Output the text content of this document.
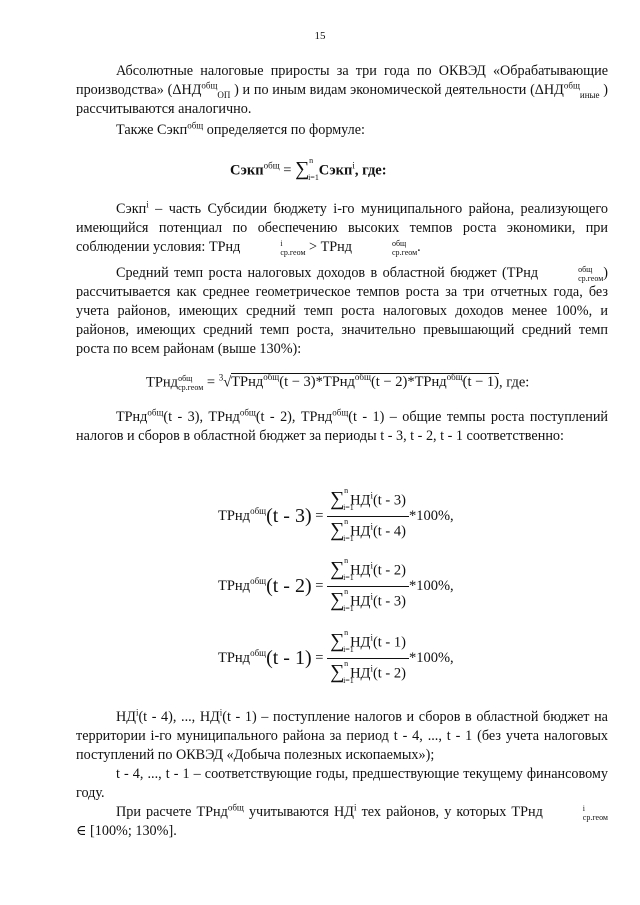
15

Абсолютные налоговые приросты за три года по ОКВЭД «Обрабатывающие производства» ($\Delta НД^{общ}_{ОП}$ ) и по иным видам экономической деятельности ($\Delta НД^{общ}_{иные}$ ) рассчитываются аналогично.

Также Сэкп$^{общ}$ определяется по формуле:

Сэкп$^{общ}$ = ∑ n
i=1 Сэкп$^i$, где:

Сэкп$^i$ – часть Субсидии бюджету i-го муниципального района, реализующего имеющийся потенциал по обеспечению высоких темпов роста экономики, при соблюдении условия: ТРнд	i
ср.геом > ТРнд	общ
ср.геом .

Средний темп роста налоговых доходов в областной бюджет (ТРнд	общ
ср.геом ) рассчитывается как среднее геометрическое темпов роста за три отчетных года, без учета районов, имеющих средний темп роста налоговых доходов менее 100%, и районов, имеющих средний темп роста, значительно превышающий средний темп роста по всем районам (выше 130%):

ТРнд общ
ср.геом = $^3$√ТРнд$^{общ}$(t − 3)*ТРнд$^{общ}$(t − 2)*ТРнд$^{общ}$(t − 1), где:

ТРнд$^{общ}$(t - 3), ТРнд$^{общ}$(t - 2), ТРнд$^{общ}$(t - 1) – общие темпы роста поступлений налогов и сборов в областной бюджет за периоды t - 3, t - 2, t - 1 соответственно:

ТРнд$^{общ}$(t - 3) = ∑ n
i=1
$НД^i(t - 3)$
∑ n
i=1
$НД^i(t - 4)$ *100%,
ТРнд$^{общ}$(t - 2) = ∑ n
i=1
$НД^i(t - 2)$
∑ n
i=1
$НД^i(t - 3)$ *100%,
ТРнд$^{общ}$(t - 1) = ∑ n
i=1
$НД^i(t - 1)$
∑ n
i=1
$НД^i(t - 2)$ *100%,

$НД^i(t - 4)$, ..., $НД^i(t - 1)$ – поступление налогов и сборов в областной бюджет на территории i-го муниципального района за период t - 4, ..., t - 1 (без учета налоговых поступлений по ОКВЭД «Добыча полезных ископаемых»);

t - 4, ..., t - 1 – соответствующие годы, предшествующие текущему финансовому году.

При расчете ТРнд$^{общ}$ учитываются $НД^i$ тех районов, у которых ТРнд	i
ср.геом
∈ [100%; 130%].
